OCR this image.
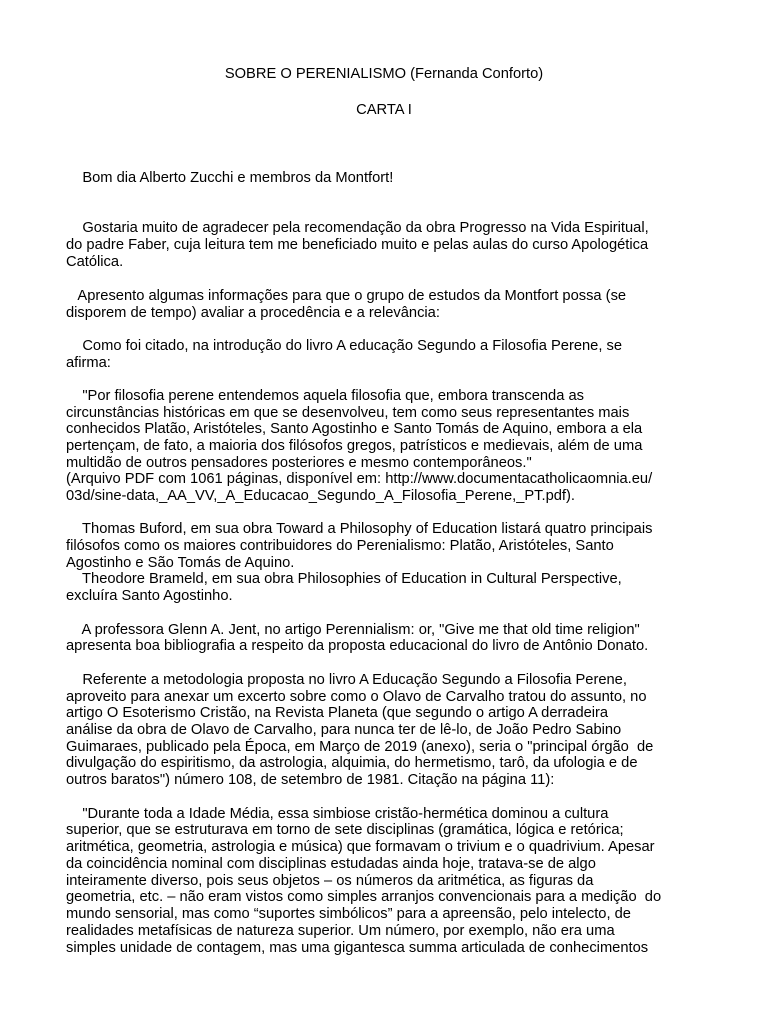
SOBRE O PERENIALISMO (Fernanda Conforto)
CARTA I
Bom dia Alberto Zucchi e membros da Montfort!
Gostaria muito de agradecer pela recomendação da obra Progresso na Vida Espiritual,
do padre Faber, cuja leitura tem me beneficiado muito e pelas aulas do curso Apologética
Católica.
Apresento algumas informações para que o grupo de estudos da Montfort possa (se
disporem de tempo) avaliar a procedência e a relevância:
Como foi citado, na introdução do livro A educação Segundo a Filosofia Perene, se
afirma:
"Por filosofia perene entendemos aquela filosofia que, embora transcenda as
circunstâncias históricas em que se desenvolveu, tem como seus representantes mais
conhecidos Platão, Aristóteles, Santo Agostinho e Santo Tomás de Aquino, embora a ela
pertençam, de fato, a maioria dos filósofos gregos, patrísticos e medievais, além de uma
multidão de outros pensadores posteriores e mesmo contemporâneos."
(Arquivo PDF com 1061 páginas, disponível em: http://www.documentacatholicaomnia.eu/
03d/sine-data,_AA_VV,_A_Educacao_Segundo_A_Filosofia_Perene,_PT.pdf).
Thomas Buford, em sua obra Toward a Philosophy of Education listará quatro principais
filósofos como os maiores contribuidores do Perenialismo: Platão, Aristóteles, Santo
Agostinho e São Tomás de Aquino.
Theodore Brameld, em sua obra Philosophies of Education in Cultural Perspective,
excluíra Santo Agostinho.
A professora Glenn A. Jent, no artigo Perennialism: or, "Give me that old time religion"
apresenta boa bibliografia a respeito da proposta educacional do livro de Antônio Donato.
Referente a metodologia proposta no livro A Educação Segundo a Filosofia Perene,
aproveito para anexar um excerto sobre como o Olavo de Carvalho tratou do assunto, no
artigo O Esoterismo Cristão, na Revista Planeta (que segundo o artigo A derradeira
análise da obra de Olavo de Carvalho, para nunca ter de lê-lo, de João Pedro Sabino
Guimaraes, publicado pela Época, em Março de 2019 (anexo), seria o "principal órgão  de
divulgação do espiritismo, da astrologia, alquimia, do hermetismo, tarô, da ufologia e de
outros baratos") número 108, de setembro de 1981. Citação na página 11):
"Durante toda a Idade Média, essa simbiose cristão-hermética dominou a cultura
superior, que se estruturava em torno de sete disciplinas (gramática, lógica e retórica;
aritmética, geometria, astrologia e música) que formavam o trivium e o quadrivium. Apesar
da coincidência nominal com disciplinas estudadas ainda hoje, tratava-se de algo
inteiramente diverso, pois seus objetos – os números da aritmética, as figuras da
geometria, etc. – não eram vistos como simples arranjos convencionais para a medição  do
mundo sensorial, mas como “suportes simbólicos” para a apreensão, pelo intelecto, de
realidades metafísicas de natureza superior. Um número, por exemplo, não era uma
simples unidade de contagem, mas uma gigantesca summa articulada de conhecimentos
